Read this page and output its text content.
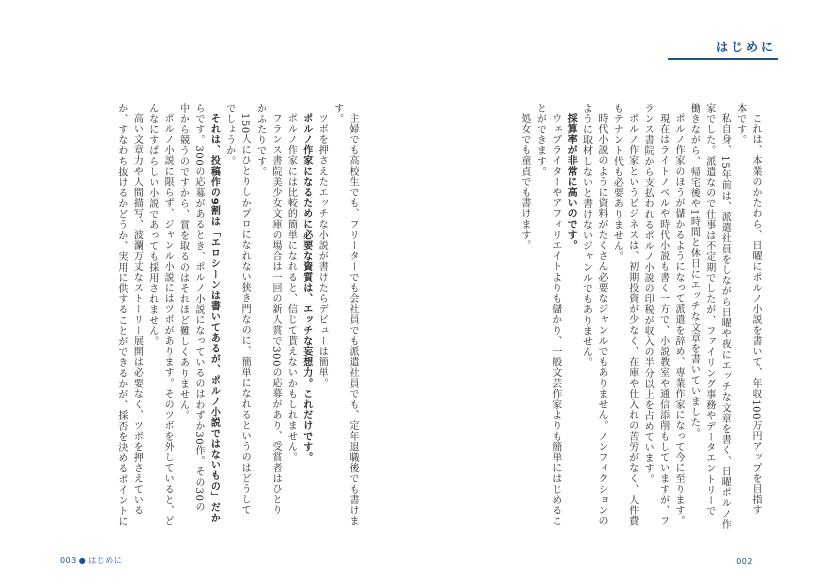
はじめに
これは、本業のかたわら、日曜にポルノ小説を書いて、年収100万円アップを目指す
本です。
私自身、15年前は、派遣社員をしながら日曜や夜にエッチな文章を書く、日曜ポルノ作
家でした。派遣なので仕事は不定期でしたが、ファイリング事務やデータエントリーで
働きながら、帰宅後や1時間と休日にエッチな文章を書いていました。
ポルノ作家のほうが儲かるようになって派遣を辞め、専業作家になって今に至ります。
現在はライトノベルや時代小説も書く一方で、小説教室や通信添削もしていますが、フ
ランス書院から支払われるポルノ小説の印税が収入の半分以上を占めています。
ポルノ作家というビジネスは、初期投資が少なく、在庫や仕入れの苦労がなく、人件費
もテナント代も必要ありません。
時代小説のように資料がたくさん必要なジャンルでもありません。ノンフィクションの
ように取材しないと書けないジャンルでもありません。
採算率が非常に高いのです。
ウェブライターやアフィリエイトよりも儲かり、一般文芸作家よりも簡単にはじめるこ
とができます。
処女でも童貞でも書けます。
002
主婦でも高校生でも、フリーターでも会社員でも派遣社員でも、定年退職後でも書けま
す。
ツボを押さえたエッチな小説が書けたらデビューは簡単。
ポルノ作家になるために必要な資質は、エッチな妄想力。これだけです。
ポルノ作家には比較的簡単になれると、信じて貰えないかもしれません。
フランス書院美少女文庫の場合は一回の新人賞で300の応募があり、受賞者はひとり
かふたりです。
150人にひとりしかプロになれない狭き門なのに、簡単になれるというのはどうして
でしょうか。
それは、投稿作の9割は「エロシーンは書いてあるが、ポルノ小説ではないもの」だか
らです。300の応募があるとき、ポルノ小説になっているのはわずか30作。その30の
中から競うのですから、賞を取るのはそれほど難しくありません。
ポルノ小説に限らず、ジャンル小説にはツボがあります。そのツボを外していると、ど
んなにすばらしい小説であっても採用されません。
高い文章力や人間描写、波瀾万丈なストーリー展開は必要なく、ツボを押さえている
か、すなわち抜けるかどうか、実用に供することができるかが、採否を決めるポイントに
003 ● はじめに
